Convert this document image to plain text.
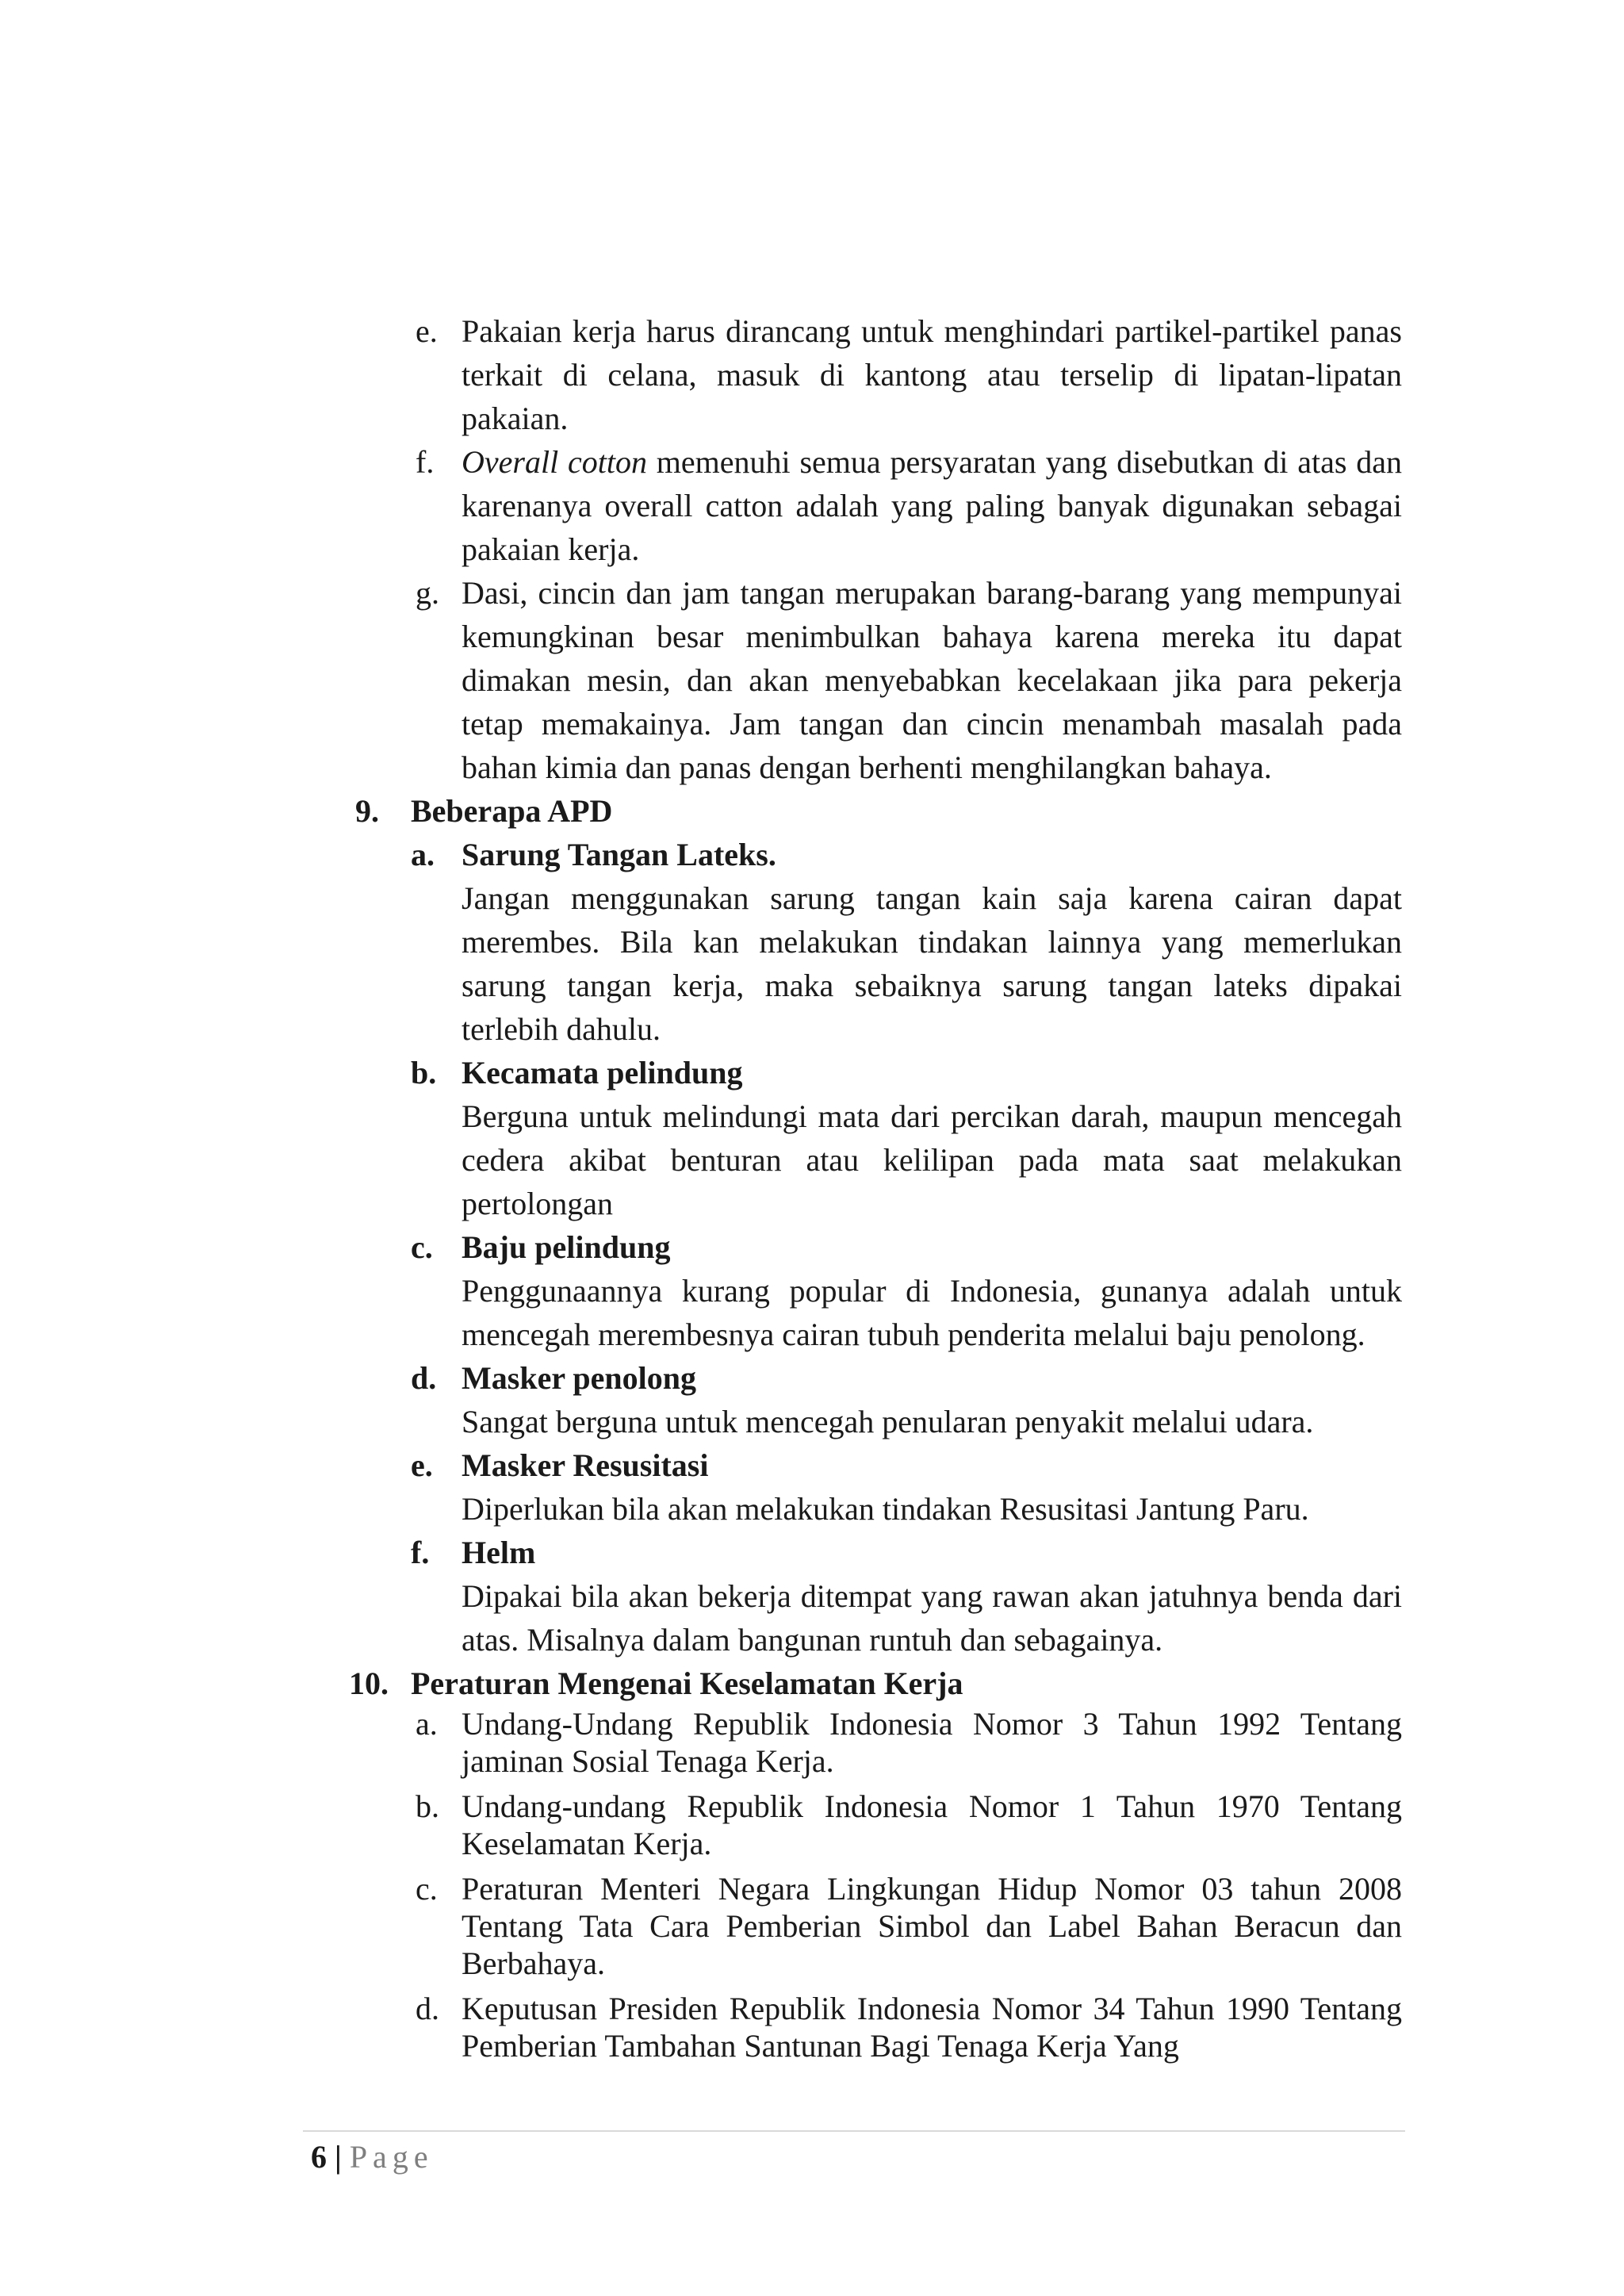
e. Pakaian kerja harus dirancang untuk menghindari partikel-partikel panas terkait di celana, masuk di kantong atau terselip di lipatan-lipatan pakaian.
f. Overall cotton memenuhi semua persyaratan yang disebutkan di atas dan karenanya overall catton adalah yang paling banyak digunakan sebagai pakaian kerja.
g. Dasi, cincin dan jam tangan merupakan barang-barang yang mempunyai kemungkinan besar menimbulkan bahaya karena mereka itu dapat dimakan mesin, dan akan menyebabkan kecelakaan jika para pekerja tetap memakainya. Jam tangan dan cincin menambah masalah pada bahan kimia dan panas dengan berhenti menghilangkan bahaya.
9. Beberapa APD
a. Sarung Tangan Lateks.
Jangan menggunakan sarung tangan kain saja karena cairan dapat merembes. Bila kan melakukan tindakan lainnya yang memerlukan sarung tangan kerja, maka sebaiknya sarung tangan lateks dipakai terlebih dahulu.
b. Kecamata pelindung
Berguna untuk melindungi mata dari percikan darah, maupun mencegah cedera akibat benturan atau kelilipan pada mata saat melakukan pertolongan
c. Baju pelindung
Penggunaannya kurang popular di Indonesia, gunanya adalah untuk mencegah merembesnya cairan tubuh penderita melalui baju penolong.
d. Masker penolong
Sangat berguna untuk mencegah penularan penyakit melalui udara.
e. Masker Resusitasi
Diperlukan bila akan melakukan tindakan Resusitasi Jantung Paru.
f. Helm
Dipakai bila akan bekerja ditempat yang rawan akan jatuhnya benda dari atas. Misalnya dalam bangunan runtuh dan sebagainya.
10. Peraturan Mengenai Keselamatan Kerja
a. Undang-Undang Republik Indonesia Nomor 3 Tahun 1992 Tentang jaminan Sosial Tenaga Kerja.
b. Undang-undang Republik Indonesia Nomor 1 Tahun 1970 Tentang Keselamatan Kerja.
c. Peraturan Menteri Negara Lingkungan Hidup Nomor 03 tahun 2008 Tentang Tata Cara Pemberian Simbol dan Label Bahan Beracun dan Berbahaya.
d. Keputusan Presiden Republik Indonesia Nomor 34 Tahun 1990 Tentang Pemberian Tambahan Santunan Bagi Tenaga Kerja Yang
6 | Page
